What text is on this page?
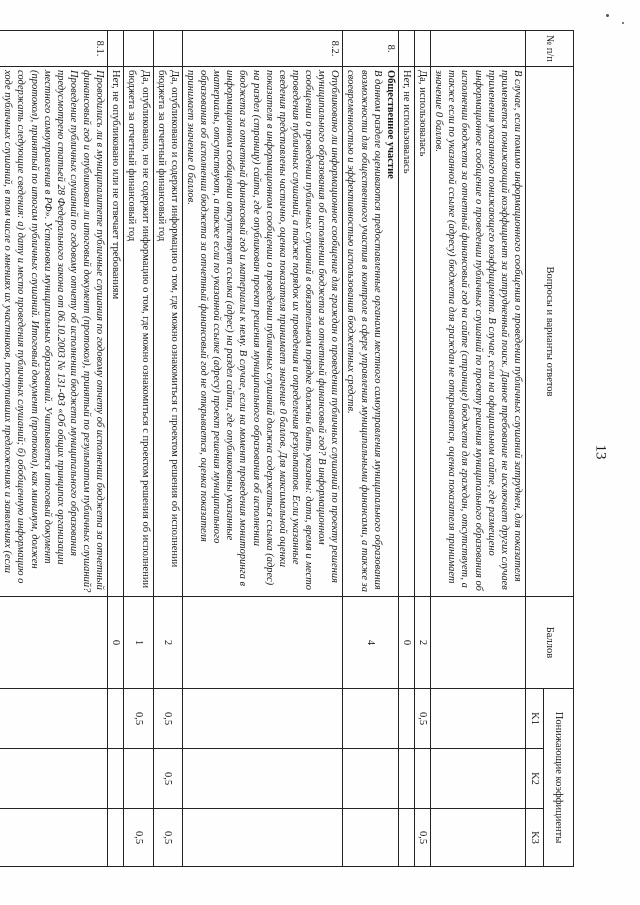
13
№ п/п	Вопросы и варианты ответов	Баллов	Понижающие коэффициенты		
			K1	K2	K3
	В случае, если помимо информационного сообщения о проведении публичных слушаний затруднен, для показателя применяется понижающий коэффициент за затрудненный поиск. Данное требование не исключает других случаев применения указанного понижающего коэффициента. В случае, если на официальном сайте, где размещено информационное сообщение о проведении публичных слушаний по проекту решения муниципального образования об исполнении бюджета за отчетный финансовый год на сайте (странице) бюджета для граждан, отсутствует, а также если по указанной ссылке (адресу) бюджета для граждан не открывается, оценка показателя принимает значение 0 баллов.				
	Да, использовалась	2	0,5		0,5
	Нет, не использовалась	0			
8.	Общественное участие
В данном разделе оцениваются предоставленные органами местного самоуправления муниципального образования возможности для общественного участия в контроле в сфере управления муниципальными финансами, а также за своевременностью и эффективностью использования бюджетных средств.	4			
8.2.	Опубликовано ли информационное сообщение для граждан о проведении публичных слушаний по проекту решения муниципального образования об исполнении бюджета за отчетный финансовый год? В информационном сообщении о проведении публичных слушаний в обязательном порядке должны быть указаны: дата, время и место проведения публичных слушаний, а также порядок их проведения и определения результатов. Если указанные сведения представлены частично, оценка показателя принимает значение 0 баллов. Для максимальной оценки показателя в информационном сообщении о проведении публичных слушаний должна содержаться ссылка (адрес) на раздел (страницу) сайта, где опубликован проект решения муниципального образования об исполнении бюджета за отчетный финансовый год и материалы к нему. В случае, если на момент проведения мониторинга в информационном сообщении отсутствует ссылка (адрес) на раздел сайта, где опубликованы указанные материалы, отсутствуют, а также если по указанной ссылке (адресу) проект решения муниципального образования об исполнении бюджета за отчетный финансовый год не открывается, оценка показателя принимает значение 0 баллов.				
	Да, опубликовано и содержит информацию о том, где можно ознакомиться с проектом решения об исполнении бюджета за отчетный финансовый год	2	0,5	0,5	0,5
	Да, опубликовано, но не содержит информацию о том, где можно ознакомиться с проектом решения об исполнении бюджета за отчетный финансовый год	1	0,5		0,5
	Нет, не опубликовано или не отвечает требованиям	0			
8.1.	Проводились ли в муниципалитете публичные слушания по годовому отчету об исполнении бюджета за отчетный финансовый год и опубликован ли итоговый документ (протокол), принятый по результатам публичных слушаний? Проведение публичных слушаний по годовому отчету об исполнении бюджета муниципального образования предусмотрено статьей 28 Федерального закона от 06.10.2003 № 131-ФЗ «Об общих принципах организации местного самоуправления в РФ». Установки муниципальных образований. Учитывается итоговый документ (протокол), принятый по итогам публичных слушаний. Итоговый документ (протокол), как минимум, должен содержать следующие сведения: а) дату и место проведения публичных слушаний; б) обобщенную информацию о ходе публичных слушаний, в том числе о мнениях их участников, поступивших предложениях и заявлениях (если				
